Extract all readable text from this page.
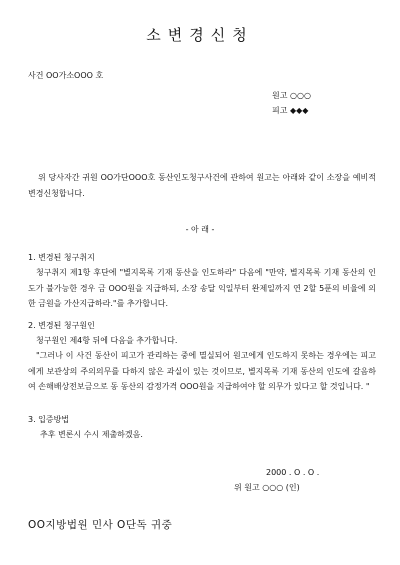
소변경신청
사건 OO가소OOO 호
원고 ○○○
피고 ◆◆◆
위 당사자간 귀원 OO가단OOO호 동산인도청구사건에 관하여 원고는 아래와 같이 소장을 예비적 변경신청합니다.
- 아 래 -
1. 변경된 청구취지
청구취지 제1항 후단에 "별지목록 기재 동산을 인도하라" 다음에 "만약, 별지목록 기재 동산의 인도가 불가능한 경우 금 OOO원을 지급하되, 소장 송달 익일부터 완제일까지 연 2할 5푼의 비율에 의한 금원을 가산지급하라."를 추가합니다.
2. 변경된 청구원인
청구원인 제4항 뒤에 다음을 추가합니다.
"그러나 이 사건 동산이 피고가 관리하는 중에 멸실되어 원고에게 인도하지 못하는 경우에는 피고에게 보관상의 주의의무를 다하지 않은 과실이 있는 것이므로, 별지목록 기재 동산의 인도에 갈음하여 손해배상전보금으로 동 동산의 감정가격 OOO원을 지급하여야 할 의무가 있다고 할 것입니다. "
3. 입증방법
추후 변론시 수시 제출하겠음.
2000 . O . O .
위 원고 ○○○ (인)
OO지방법원 민사 O단독 귀중
